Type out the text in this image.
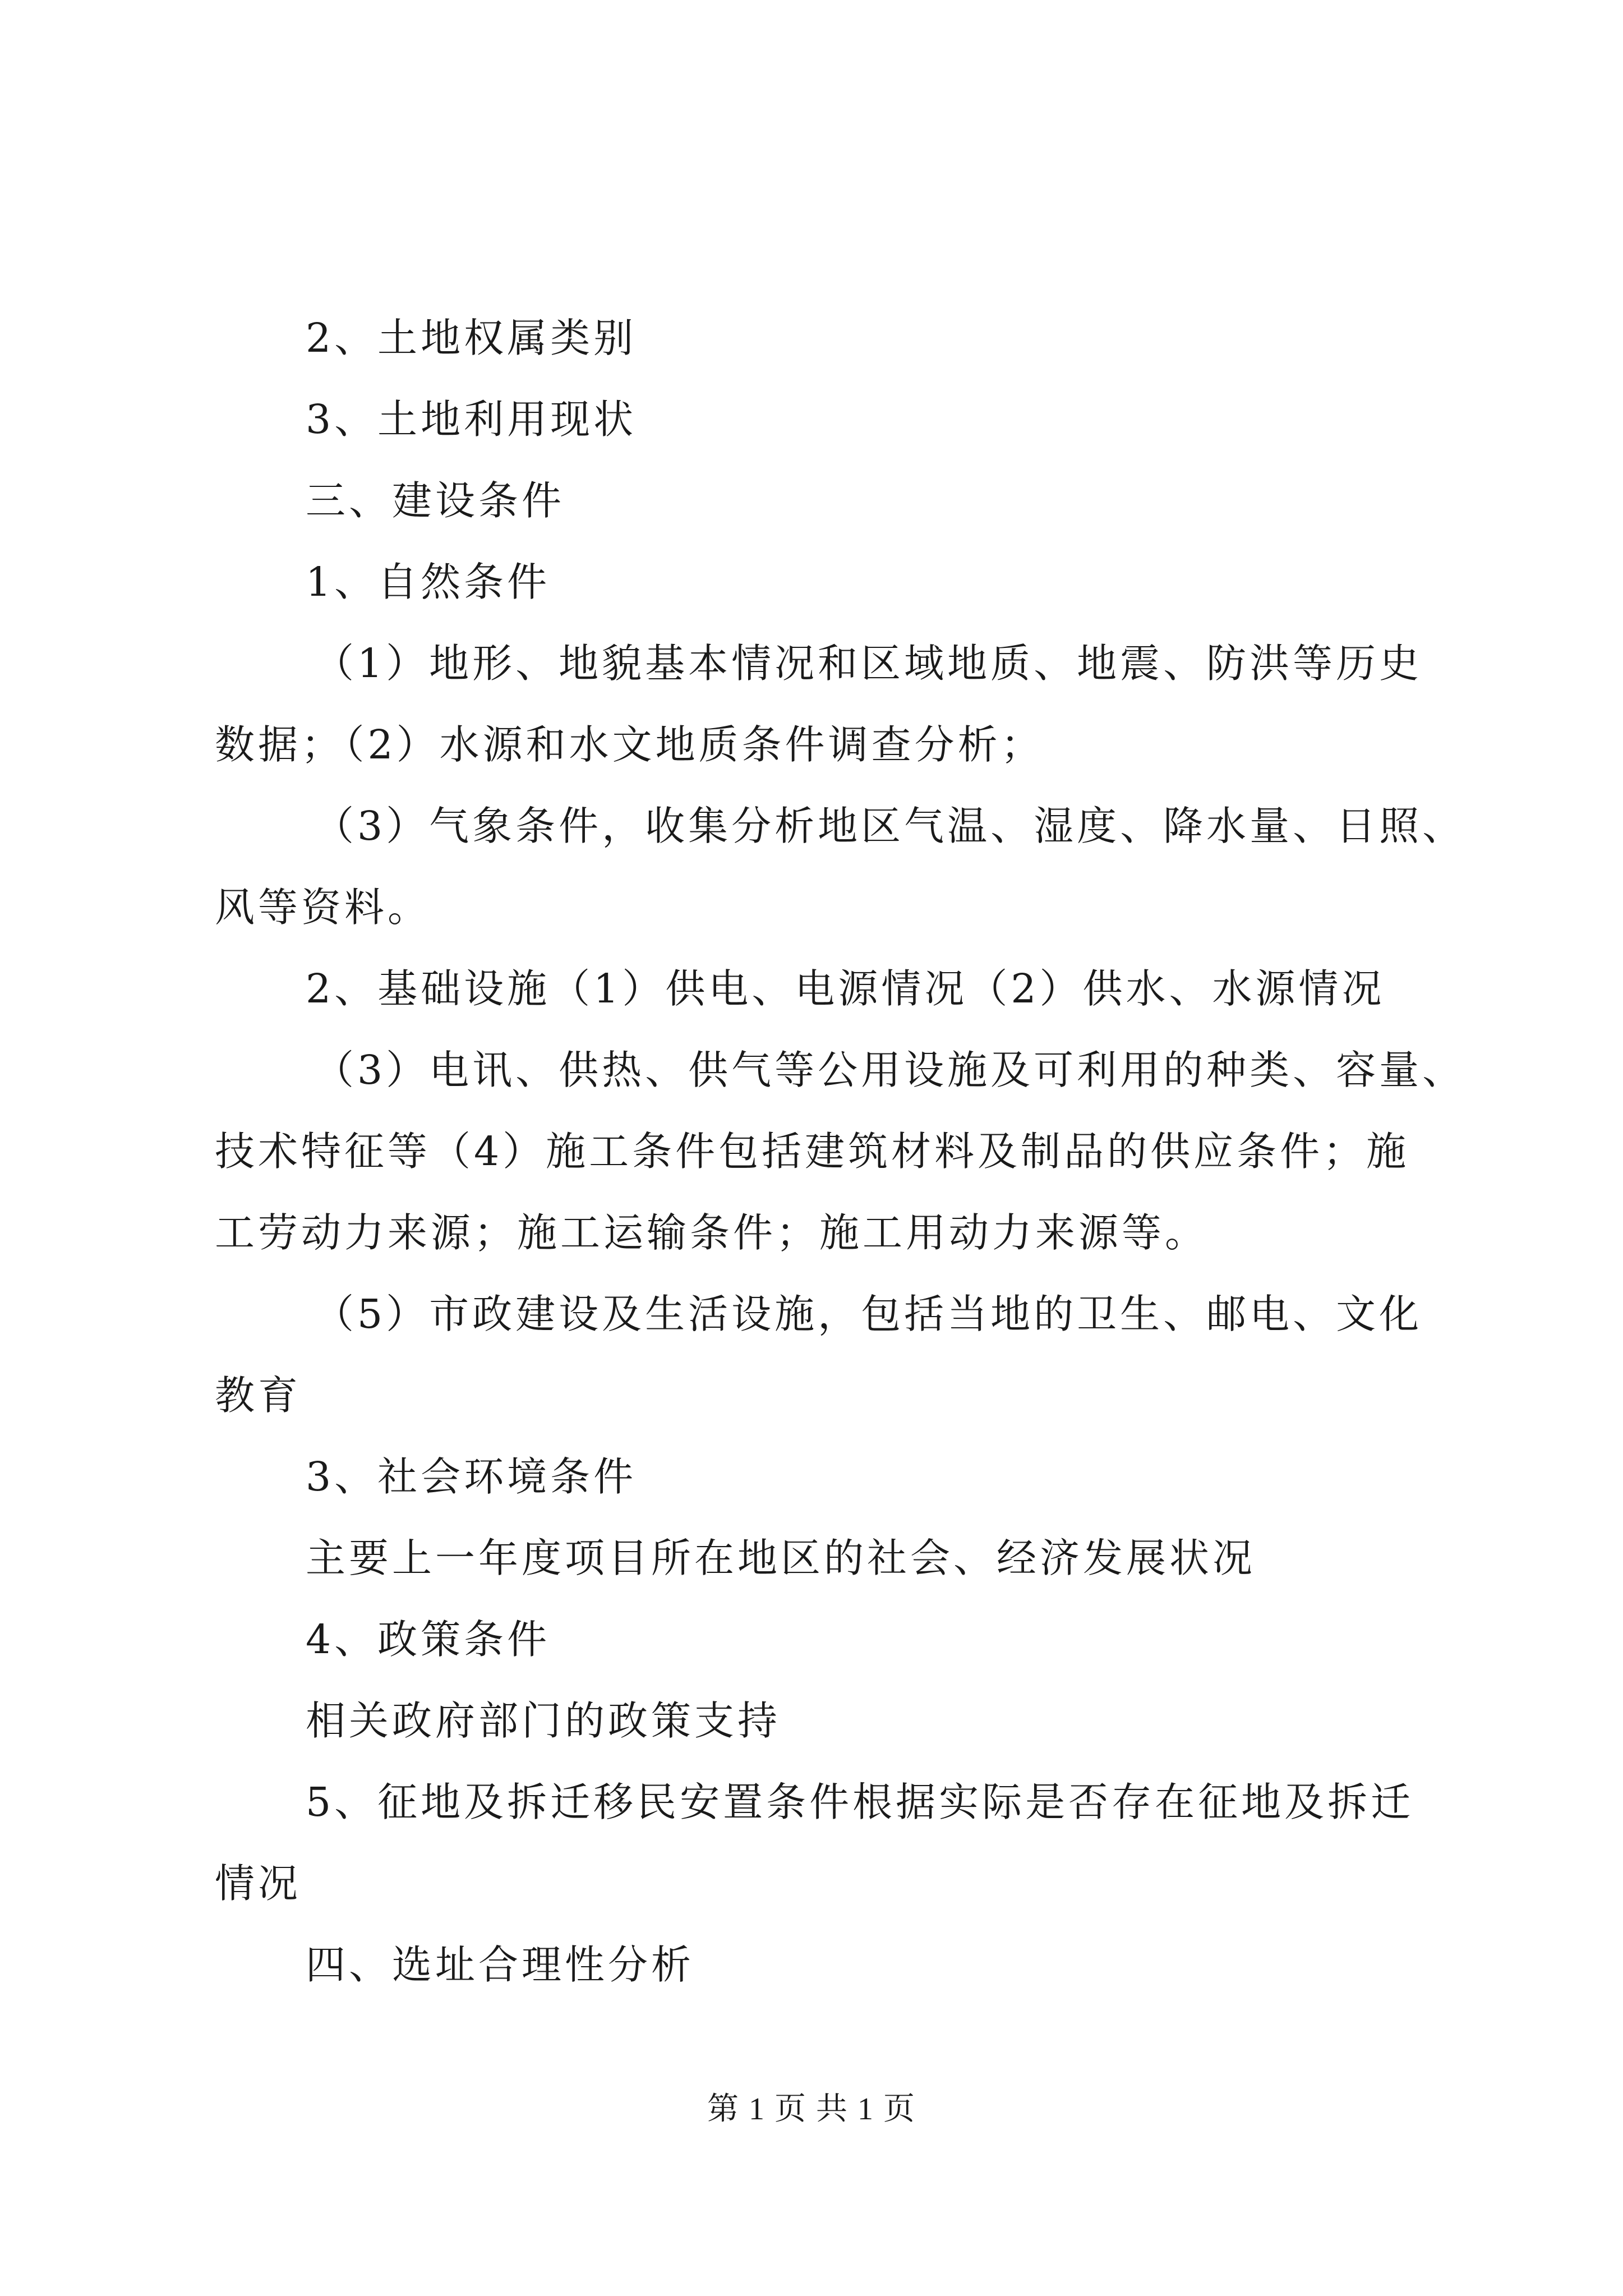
2、土地权属类别

3、土地利用现状

三、建设条件

1、自然条件

（1）地形、地貌基本情况和区域地质、地震、防洪等历史

数据；（2）水源和水文地质条件调查分析；

（3）气象条件，收集分析地区气温、湿度、降水量、日照、

风等资料。

2、基础设施（1）供电、电源情况（2）供水、水源情况

（3）电讯、供热、供气等公用设施及可利用的种类、容量、

技术特征等（4）施工条件包括建筑材料及制品的供应条件；施

工劳动力来源；施工运输条件；施工用动力来源等。

（5）市政建设及生活设施，包括当地的卫生、邮电、文化

教育

3、社会环境条件

主要上一年度项目所在地区的社会、经济发展状况

4、政策条件

相关政府部门的政策支持

5、征地及拆迁移民安置条件根据实际是否存在征地及拆迁

情况

四、选址合理性分析

第 1 页 共 1 页
